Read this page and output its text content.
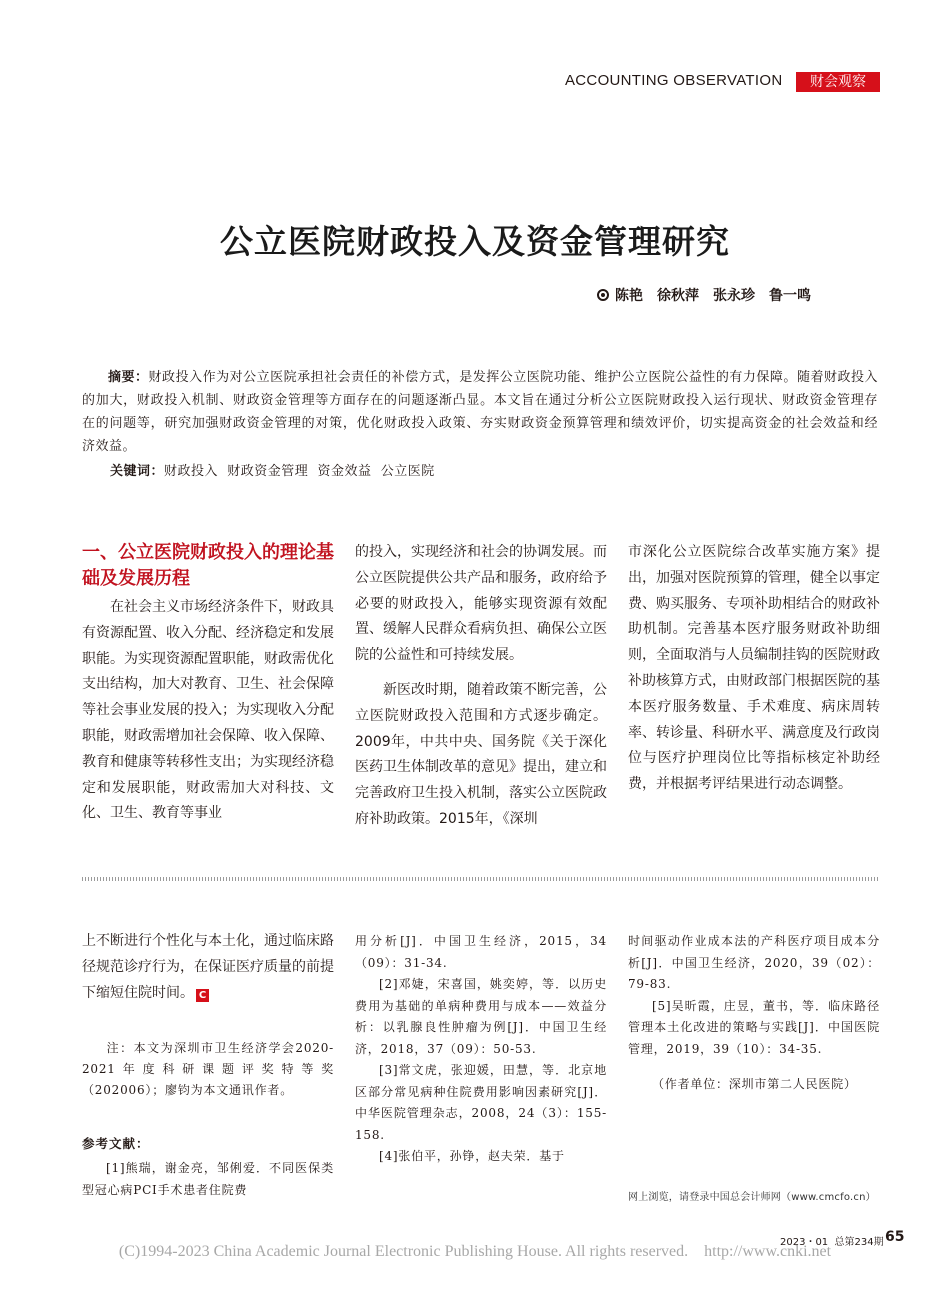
ACCOUNTING OBSERVATION	财会观察
公立医院财政投入及资金管理研究
陈艳 徐秋萍 张永珍 鲁一鸣
摘要：财政投入作为对公立医院承担社会责任的补偿方式，是发挥公立医院功能、维护公立医院公益性的有力保障。随着财政投入的加大，财政投入机制、财政资金管理等方面存在的问题逐渐凸显。本文旨在通过分析公立医院财政投入运行现状、财政资金管理存在的问题等，研究加强财政资金管理的对策，优化财政投入政策、夯实财政资金预算管理和绩效评价，切实提高资金的社会效益和经济效益。
关键词：财政投入  财政资金管理  资金效益  公立医院
一、公立医院财政投入的理论基础及发展历程

在社会主义市场经济条件下，财政具有资源配置、收入分配、经济稳定和发展职能。为实现资源配置职能，财政需优化支出结构，加大对教育、卫生、社会保障等社会事业发展的投入；为实现收入分配职能，财政需增加社会保障、收入保障、教育和健康等转移性支出；为实现经济稳定和发展职能，财政需加大对科技、文化、卫生、教育等事业

的投入，实现经济和社会的协调发展。而公立医院提供公共产品和服务，政府给予必要的财政投入，能够实现资源有效配置、缓解人民群众看病负担、确保公立医院的公益性和可持续发展。

新医改时期，随着政策不断完善，公立医院财政投入范围和方式逐步确定。2009年，中共中央、国务院《关于深化医药卫生体制改革的意见》提出，建立和完善政府卫生投入机制，落实公立医院政府补助政策。2015年，《深圳

市深化公立医院综合改革实施方案》提出，加强对医院预算的管理，健全以事定费、购买服务、专项补助相结合的财政补助机制。完善基本医疗服务财政补助细则，全面取消与人员编制挂钩的医院财政补助核算方式，由财政部门根据医院的基本医疗服务数量、手术难度、病床周转率、转诊量、科研水平、满意度及行政岗位与医疗护理岗位比等指标核定补助经费，并根据考评结果进行动态调整。

上不断进行个性化与本土化，通过临床路径规范诊疗行为，在保证医疗质量的前提下缩短住院时间。 C
注：本文为深圳市卫生经济学会2020-2021年度科研课题评奖特等奖（202006）；廖钧为本文通讯作者。
参考文献：

[1]熊瑞，谢金亮，邹俐爱．不同医保类型冠心病PCI手术患者住院费

用分析[J]．中国卫生经济，2015，34（09）：31-34.

[2]邓婕，宋喜国，姚奕婷，等．以历史费用为基础的单病种费用与成本——效益分析：以乳腺良性肿瘤为例[J]．中国卫生经济，2018，37（09）：50-53.

[3]常文虎，张迎媛，田慧，等．北京地区部分常见病种住院费用影响因素研究[J]．中华医院管理杂志，2008，24（3）：155-158.

[4]张伯平，孙铮，赵夫荣．基于

时间驱动作业成本法的产科医疗项目成本分析[J]．中国卫生经济，2020，39（02）：79-83.

[5]吴昕霞，庄昱，董书，等．临床路径管理本土化改进的策略与实践[J]．中国医院管理，2019，39（10）：34-35.

（作者单位：深圳市第二人民医院）

网上浏览，请登录中国总会计师网（www.cmcfo.cn）
2023・01  总第234期 65
(C)1994-2023 China Academic Journal Electronic Publishing House. All rights reserved.    http://www.cnki.net
